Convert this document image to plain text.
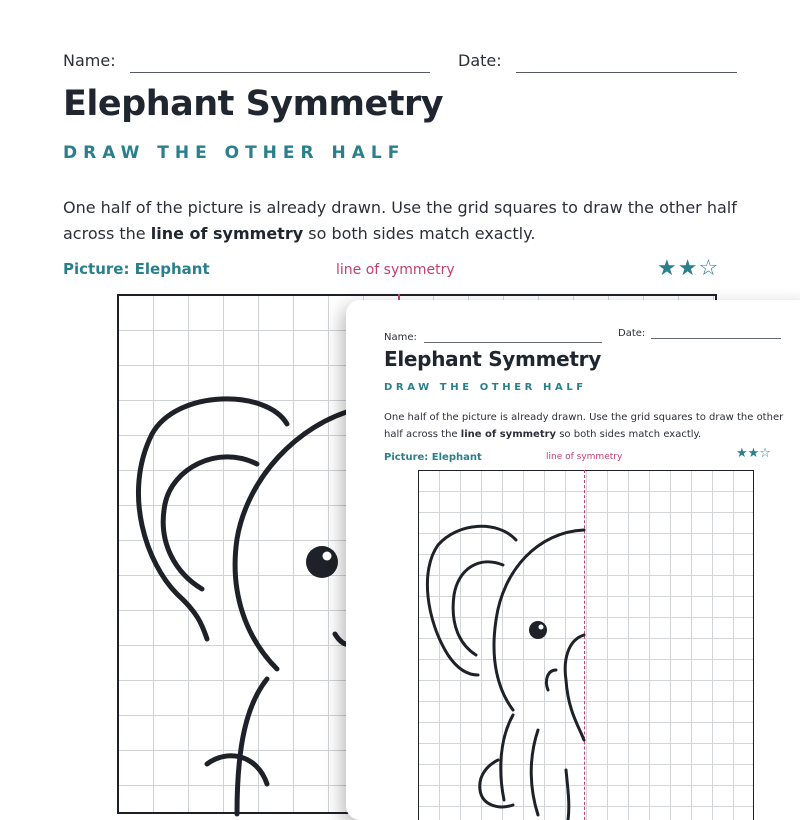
Name:	Date:
Elephant Symmetry
DRAW THE OTHER HALF

One half of the picture is already drawn. Use the grid squares to draw the other half across the line of symmetry so both sides match exactly.

Picture: Elephant	line of symmetry	★★☆
Name:	Date:
Elephant Symmetry
DRAW THE OTHER HALF

One half of the picture is already drawn. Use the grid squares to draw the other half across the line of symmetry so both sides match exactly.

Picture: Elephant	line of symmetry	★★☆
